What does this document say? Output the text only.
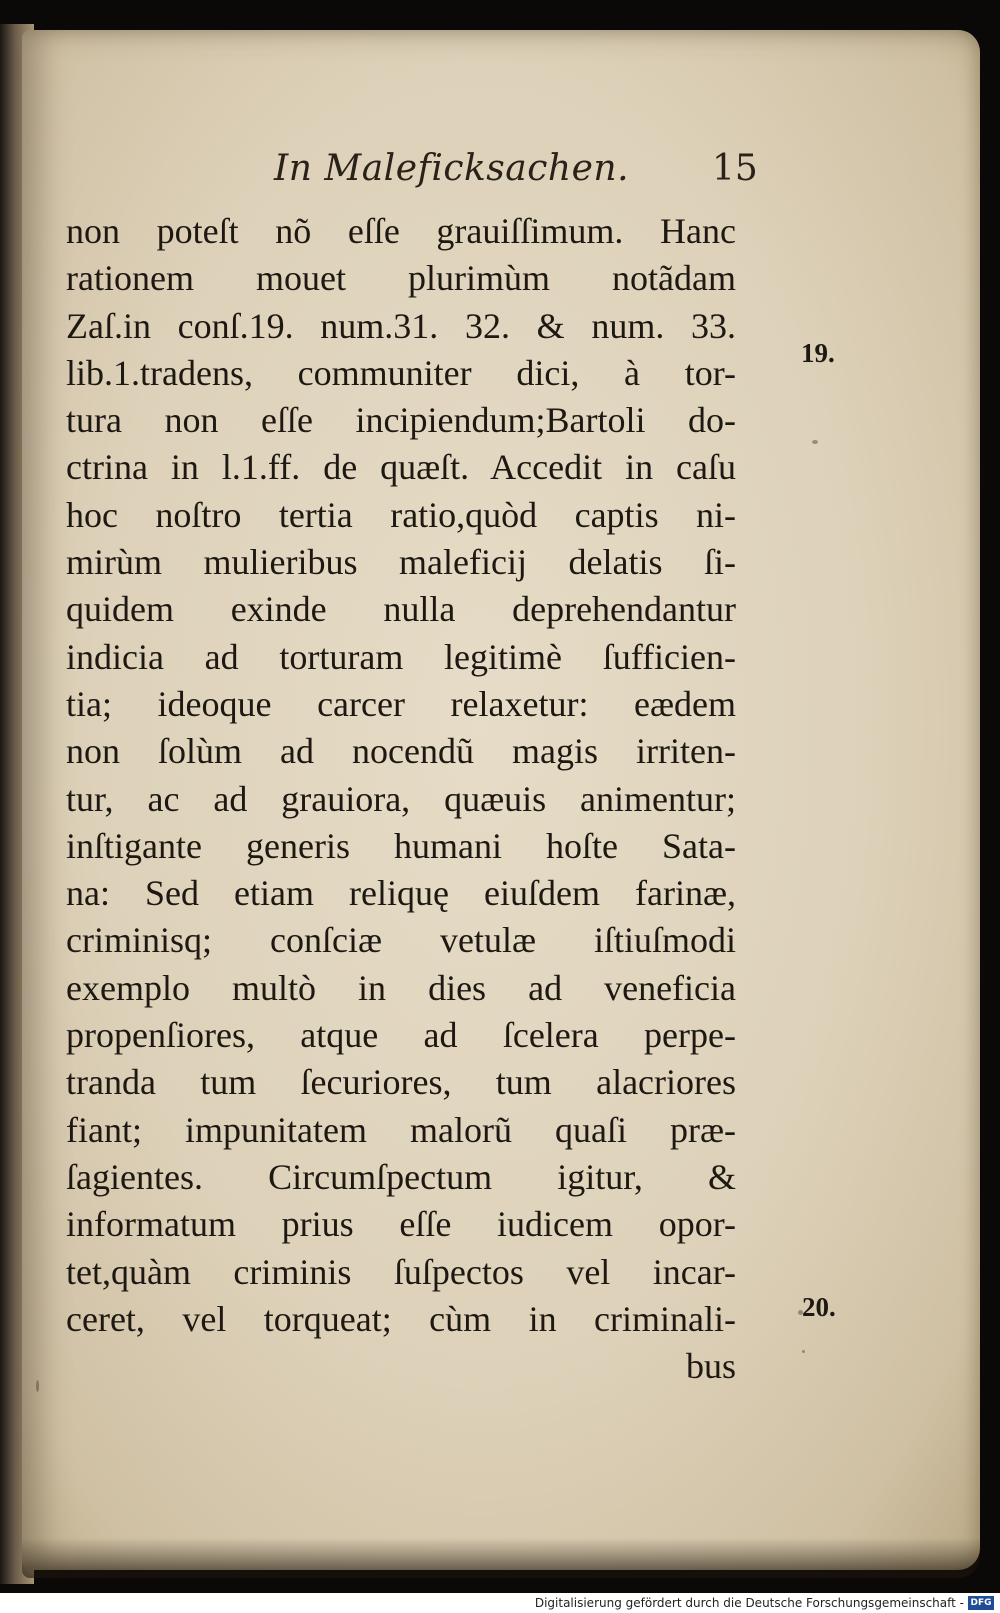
In Maleficksachen. 15
non poteſt nõ eſſe grauiſſimum. Hanc
rationem mouet plurimùm notãdam
Zaſ.in conſ.19. num.31. 32. & num. 33.
lib.1.tradens, communiter dici, à tor-
tura non eſſe incipiendum;Bartoli do-
ctrina in l.1.ff. de quæſt. Accedit in caſu
hoc noſtro tertia ratio,quòd captis ni-
mirùm mulieribus maleficij delatis ſi-
quidem exinde nulla deprehendantur
indicia ad torturam legitimè ſufficien-
tia; ideoque carcer relaxetur: eædem
non ſolùm ad nocendũ magis irriten-
tur, ac ad grauiora, quæuis animentur;
inſtigante generis humani hoſte Sata-
na: Sed etiam reliquę eiuſdem farinæ,
criminisq; conſciæ vetulæ iſtiuſmodi
exemplo multò in dies ad veneficia
propenſiores, atque ad ſcelera perpe-
tranda tum ſecuriores, tum alacriores
fiant; impunitatem malorũ quaſi præ-
ſagientes. Circumſpectum igitur, &
informatum prius eſſe iudicem opor-
tet,quàm criminis ſuſpectos vel incar-
ceret, vel torqueat; cùm in criminali-
bus
19.
20.
Digitalisierung gefördert durch die Deutsche Forschungsgemeinschaft - DFG
